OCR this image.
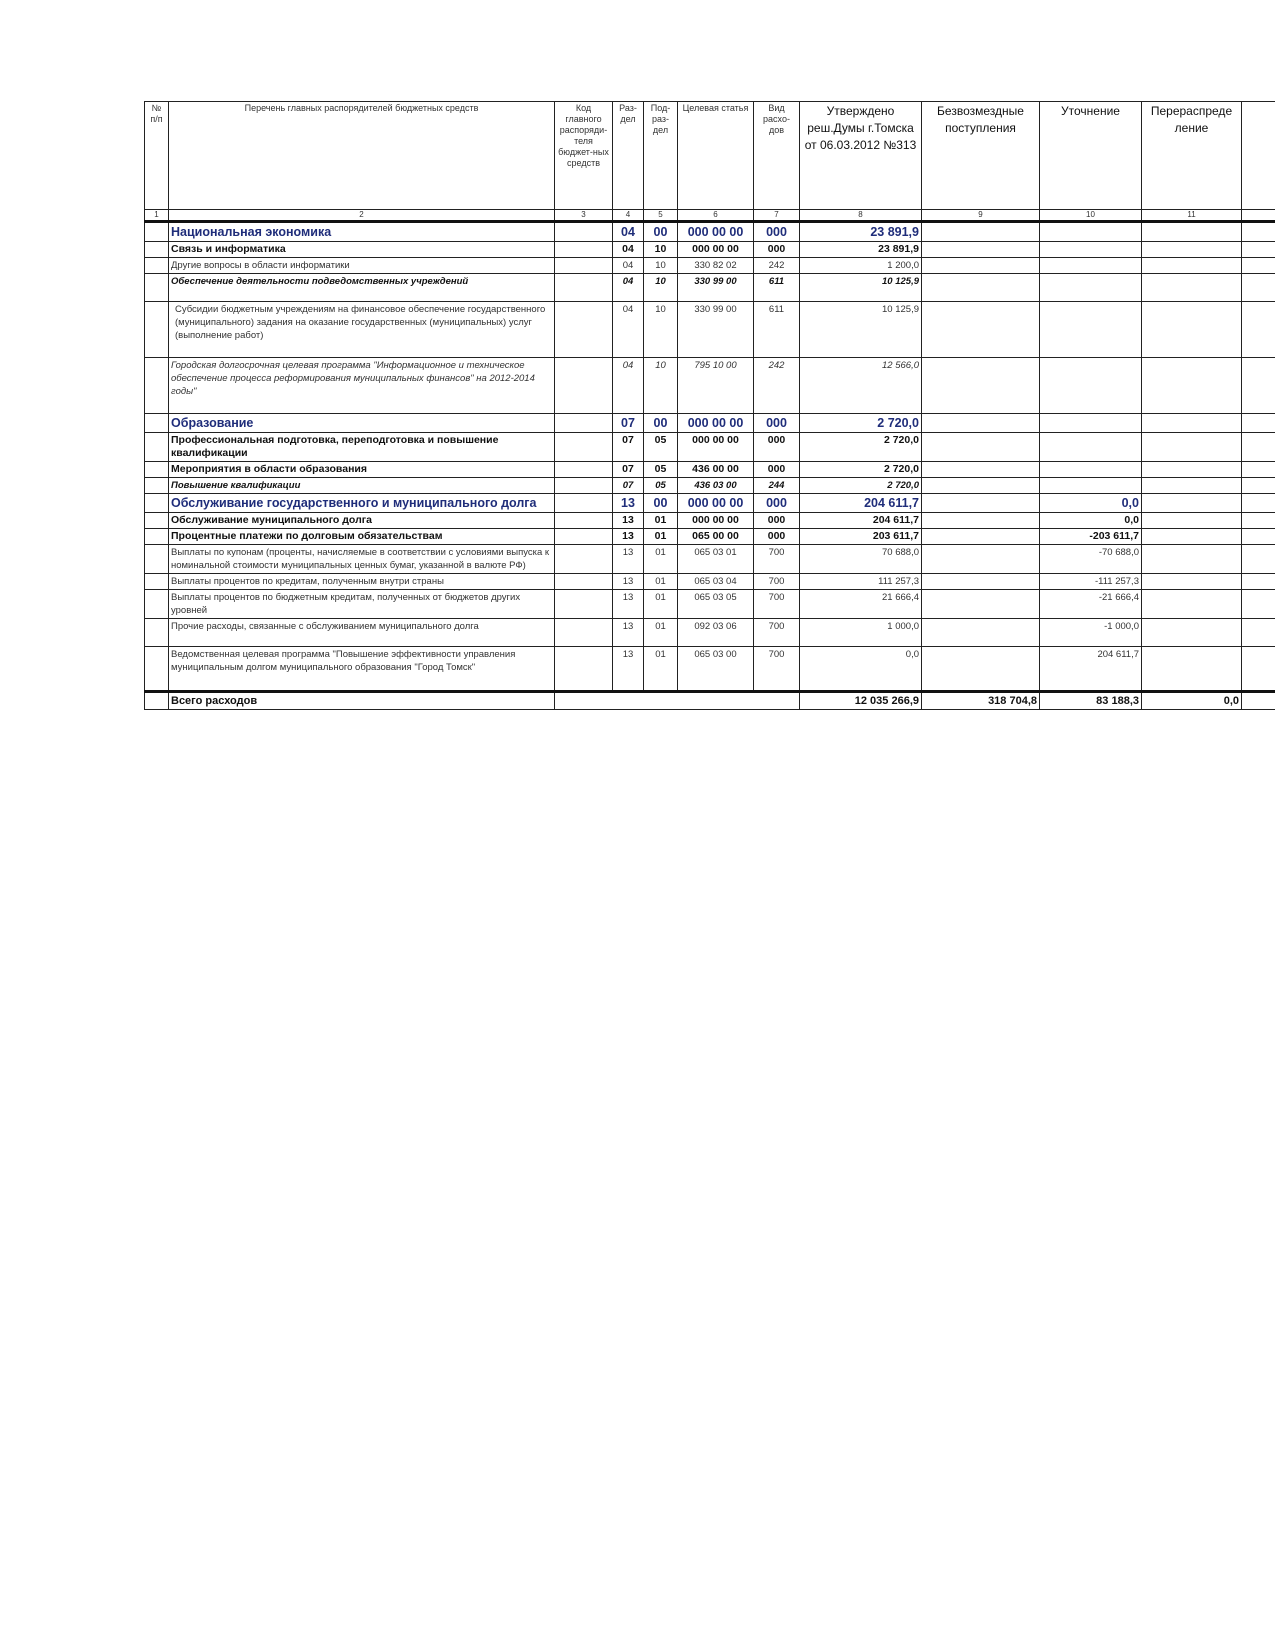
№ п/п	Перечень главных распорядителей бюджетных средств	Код главного распоряди-теля бюджет-ных средств	Раз-дел	Под-раз-дел	Целевая статья	Вид расхо-дов	Утверждено реш.Думы г.Томска от 06.03.2012 №313	Безвозмездные поступления	Уточнение	Перераспреде ление	
1	2	3	4	5	6	7	8	9	10	11	
	Национальная экономика		04	00	000 00 00	000	23 891,9				
	Связь и информатика		04	10	000 00 00	000	23 891,9				
	Другие вопросы в области информатики		04	10	330 82 02	242	1 200,0				
	Обеспечение деятельности подведомственных учреждений		04	10	330 99 00	611	10 125,9				
	Субсидии бюджетным учреждениям на финансовое обеспечение государственного (муниципального) задания на оказание государственных (муниципальных) услуг (выполнение работ)		04	10	330 99 00	611	10 125,9				
	Городская долгосрочная целевая программа "Информационное и техническое обеспечение процесса реформирования муниципальных финансов" на 2012-2014 годы"		04	10	795 10 00	242	12 566,0				
	Образование		07	00	000 00 00	000	2 720,0				
	Профессиональная подготовка, переподготовка и повышение квалификации		07	05	000 00 00	000	2 720,0				
	Мероприятия в области образования		07	05	436 00 00	000	2 720,0				
	Повышение квалификации		07	05	436 03 00	244	2 720,0				
	Обслуживание государственного и муниципального долга		13	00	000 00 00	000	204 611,7		0,0		
	Обслуживание муниципального долга		13	01	000 00 00	000	204 611,7		0,0		
	Процентные платежи по долговым обязательствам		13	01	065 00 00	000	203 611,7		-203 611,7		
	Выплаты по купонам (проценты, начисляемые в соответствии с условиями выпуска к номинальной стоимости муниципальных ценных бумаг, указанной в валюте РФ)		13	01	065 03 01	700	70 688,0		-70 688,0		
	Выплаты процентов по кредитам, полученным внутри страны		13	01	065 03 04	700	111 257,3		-111 257,3		
	Выплаты процентов по бюджетным кредитам, полученных от бюджетов других уровней		13	01	065 03 05	700	21 666,4		-21 666,4		
	Прочие расходы, связанные с обслуживанием муниципального долга		13	01	092 03 06	700	1 000,0		-1 000,0		
	Ведомственная целевая программа "Повышение эффективности управления муниципальным долгом муниципального образования "Город Томск"		13	01	065 03 00	700	0,0		204 611,7		
	Всего расходов						12 035 266,9	318 704,8	83 188,3	0,0	
